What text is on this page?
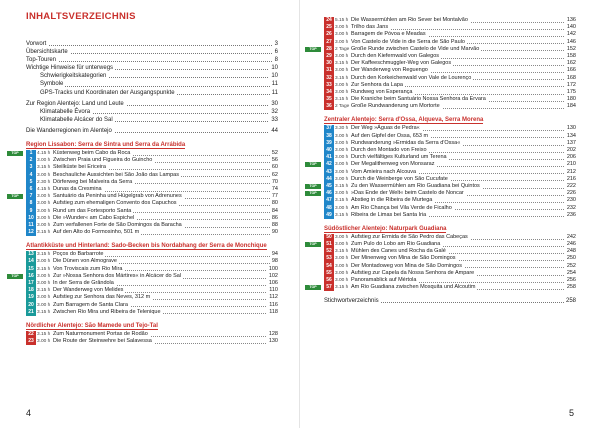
INHALTSVERZEICHNIS
Vorwort	3
Übersichtskarte	6
Top-Touren	8
Wichtige Hinweise für unterwegs	10
Schwierigkeitskategorien	10
Symbole	11
GPS-Tracks und Koordinaten der Ausgangspunkte	11
Zur Region Alentejo: Land und Leute	30
Klimatabelle Évora	32
Klimatabelle Alcácer do Sal	33
Die Wanderregionen im Alentejo	44
Region Lissabon: Serra de Sintra und Serra da Arrábida
TOP	1 4.15 h Küstenweg beim Cabo da Roca	52
2 3.00 h Zwischen Praia und Figueira do Guincho	56
3 3.15 h Steilküste bei Ericeira	60
4 3.00 h Beschauliche Aussichten bei São João das Lampas	62
5 2.30 h Dörferweg bei Malveira da Serra	70
6 4.15 h Dunas da Cresmina	74
TOP	7 3.00 h Santuário da Peninha und Hügelgrab von Adrenunes	77
8 3.00 h Aufstieg zum ehemaligen Convento dos Capuchos	80
9 3.00 h Rund um das Fortesporto Santa	84
10 3.00 h Die »Wunder« am Cabo Espichel	86
11 3.00 h Zum verfallenen Forte de São Domingos da Baracha	88
12 3.15 h Auf den Alto do Formosinho, 501 m	90
Atlantikküste und Hinterland: Sado-Becken bis Nordabhang der Serra de Monchique
13 3.15 h Poços do Barbarrote	94
14 3.00 h Die Dünen von Almograve	98
15 3.15 h Von Troviscais zum Rio Mira	100
TOP	16 3.00 h Zur »Nossa Senhora dos Mártires« in Alcácer do Sal	102
17 3.00 h In der Serra de Grândola	106
18 3.15 h Der Wanderweg von Melides	110
19 3.00 h Aufstieg zur Senhora das Neves, 312 m	112
20 3.00 h Zum Barragem de Santa Clara	116
21 3.15 h Zwischen Rio Mira und Ribeira de Telenique	118
Nördlicher Alentejo: São Mamede und Tejo-Tal
22 3.15 h Zum Naturmonument Portas de Rodão	128
23 3.00 h Die Route der Steinwehre bei Salavessa	130
4
24 5.15 h Die Wassermühlen am Rio Sever bei Montalvão	136
25 3.00 h Trilho das Jans	140
26 3.00 h Barragem de Póvoa e Meadas	142
27 3.00 h Von Castelo de Vide in die Serra de São Paulo	146
TOP	28 2 Tage Große Runde zwischen Castelo de Vide und Marvão	152
29 3.00 h Durch den Kiefernwald von Galegos	158
30 3.15 h Der Kaffeeschmuggler-Weg von Galegos	162
31 3.00 h Der Wanderweg von Reguengo	166
32 3.15 h Durch den Korkeichenwald von Vale de Lourenço	168
33 3.00 h Zur Senhora da Lapa	172
34 3.00 h Rundweg von Esperança	175
35 3.15 h Die Kraniche beim Santuário Nossa Senhora da Ervara	180
36 2 Tage Große Rundwanderung um Mortorte	184
Zentraler Alentejo: Serra d'Ossa, Alqueva, Serra Morena
37 3.30 h Der Weg »Águas de Pedra«	130
38 3.00 h Auf den Gipfel der Ossa, 653 m	134
39 3.00 h Rundwanderung »Ermidas da Serra d'Ossa«	137
40 3.00 h Durch den Montado von Freixo	202
41 3.00 h Durch vielfältiges Kulturland um Terena	206
TOP	42 3.00 h Der Megalithenweg von Monsaraz	210
43 3.00 h Vom Amieira nach Alcouva	212
44 3.00 h Durch die Weinberge von São Cucufate	216
TOP	45 3.15 h Zu den Wassermühlen am Rio Guadiana bei Quintos	222
TOP	46 3.00 h »Das Ende der Welt« beim Castelo de Noncar	226
47 3.15 h Abstieg in die Ribeira de Murtega	230
48 3.00 h Am Rio Chança bei Vila Verde de Ficalho	232
49 3.15 h Ribeira de Limas bei Santa Iria	236
Südöstlicher Alentejo: Naturpark Guadiana
50 3.00 h Aufstieg zur Ermida de São Pedro das Cabeças	242
TOP	51 3.00 h Zum Pulo do Lobo am Rio Guadiana	246
52 3.15 h Mühlen des Canes und Rocha da Galé	248
53 3.00 h Der Minenweg von Mina de São Domingos	250
54 3.00 h Der Montadoweg von Mina de São Domingos	252
55 3.00 h Aufstieg zur Capela da Nossa Senhora de Ampare	254
56 3.00 h Panoramablick auf Mértola	256
TOP	57 3.15 h Am Rio Guadiana zwischen Mosquita und Alcoutim	258
Stichwortverzeichnis	258
5
